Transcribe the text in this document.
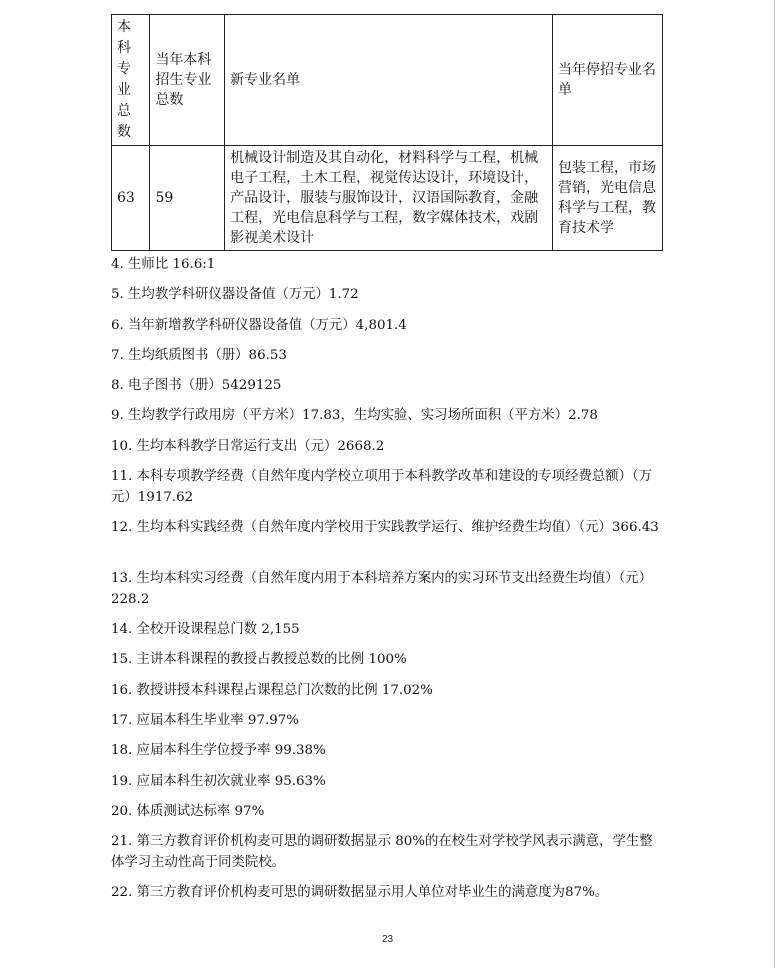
本科专业总数	当年本科招生专业总数	新专业名单	当年停招专业名单
63	59	机械设计制造及其自动化，材料科学与工程，机械电子工程，土木工程，视觉传达设计，环境设计，产品设计，服装与服饰设计，汉语国际教育，金融工程，光电信息科学与工程，数字媒体技术，戏剧影视美术设计	包装工程，市场营销，光电信息科学与工程，教育技术学

4. 生师比 16.6:1

5. 生均教学科研仪器设备值（万元）1.72

6. 当年新增教学科研仪器设备值（万元）4,801.4

7. 生均纸质图书（册）86.53

8. 电子图书（册）5429125

9. 生均教学行政用房（平方米）17.83，生均实验、实习场所面积（平方米）2.78

10. 生均本科教学日常运行支出（元）2668.2

11. 本科专项教学经费（自然年度内学校立项用于本科教学改革和建设的专项经费总额）（万元）1917.62

12. 生均本科实践经费（自然年度内学校用于实践教学运行、维护经费生均值）（元）366.43

13. 生均本科实习经费（自然年度内用于本科培养方案内的实习环节支出经费生均值）（元）228.2

14. 全校开设课程总门数 2,155

15. 主讲本科课程的教授占教授总数的比例 100%

16. 教授讲授本科课程占课程总门次数的比例 17.02%

17. 应届本科生毕业率 97.97%

18. 应届本科生学位授予率 99.38%

19. 应届本科生初次就业率 95.63%

20. 体质测试达标率 97%

21. 第三方教育评价机构麦可思的调研数据显示 80%的在校生对学校学风表示满意，学生整体学习主动性高于同类院校。

22. 第三方教育评价机构麦可思的调研数据显示用人单位对毕业生的满意度为87%。

23
